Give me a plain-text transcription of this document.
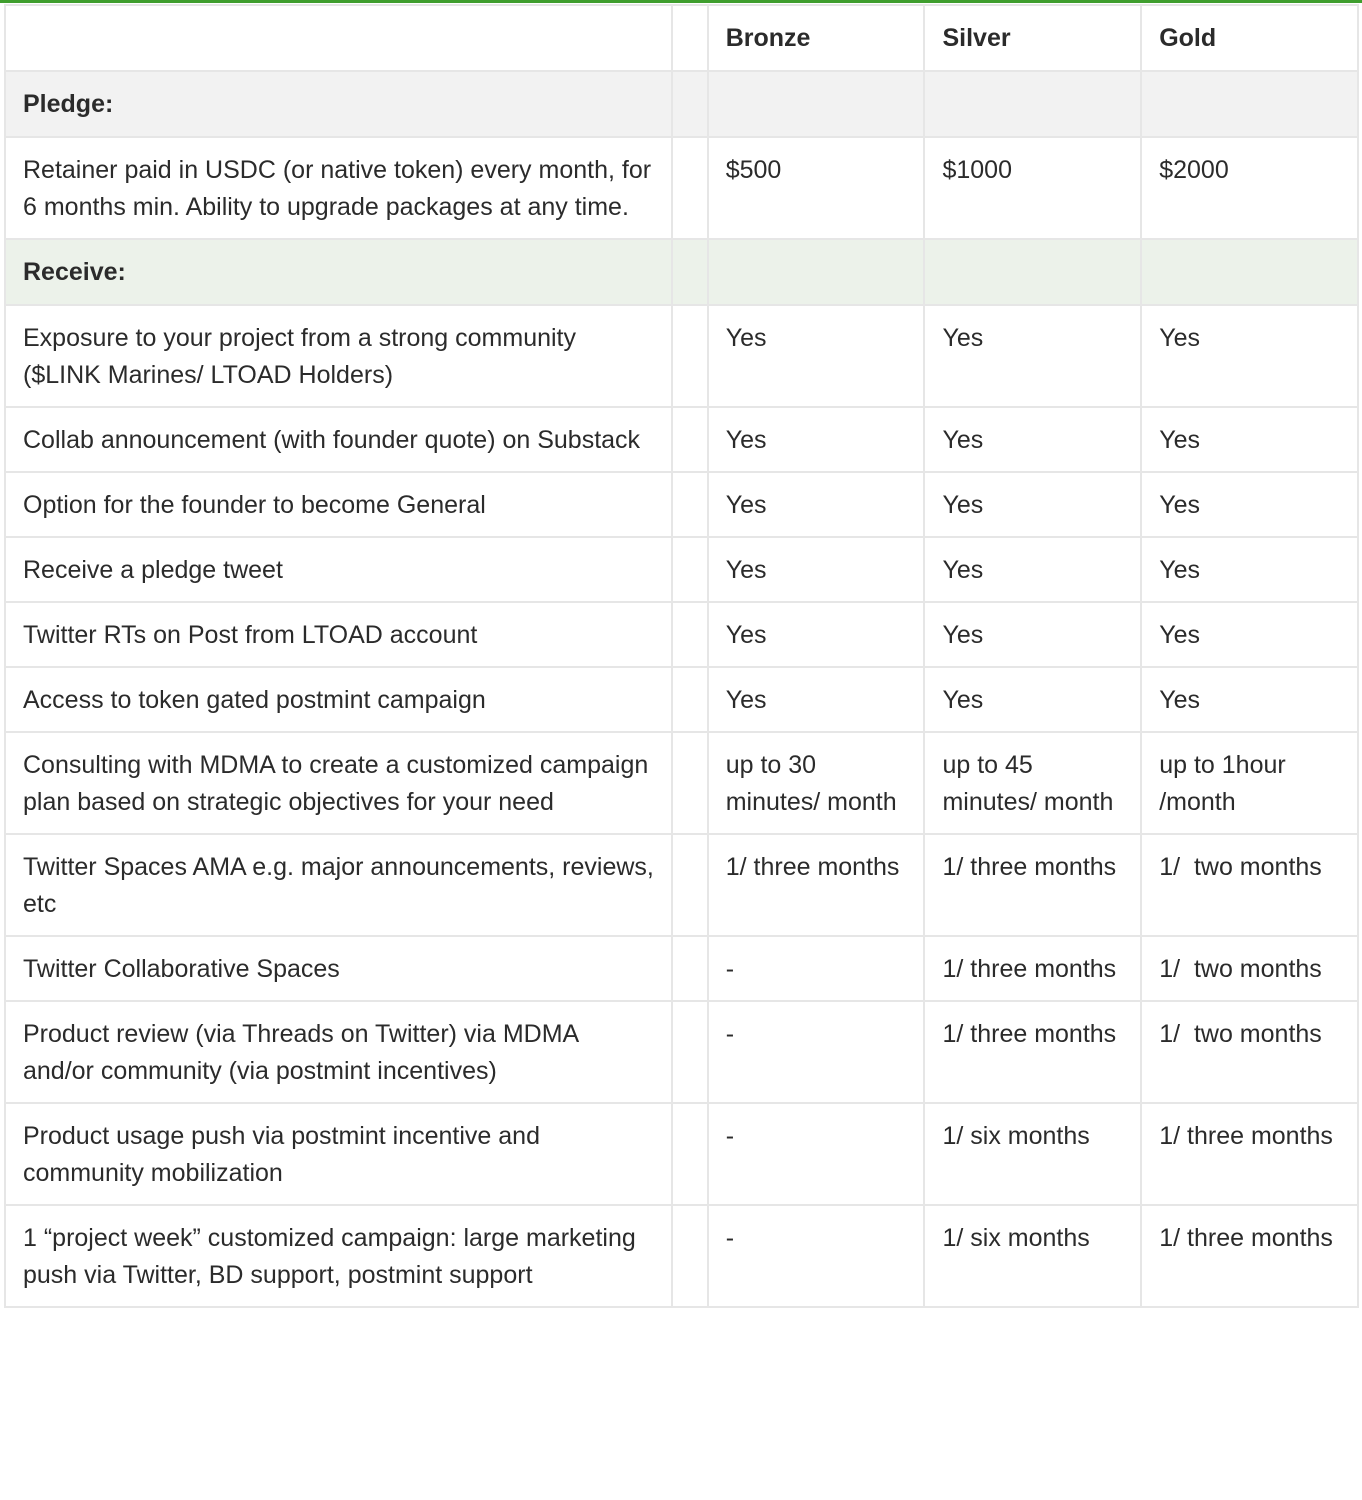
		Bronze	Silver	Gold
Pledge:				
Retainer paid in USDC (or native token) every month, for 6 months min. Ability to upgrade packages at any time.		$500	$1000	$2000
Receive:				
Exposure to your project from a strong community ($LINK Marines/ LTOAD Holders)		Yes	Yes	Yes
Collab announcement (with founder quote) on Substack		Yes	Yes	Yes
Option for the founder to become General		Yes	Yes	Yes
Receive a pledge tweet		Yes	Yes	Yes
Twitter RTs on Post from LTOAD account		Yes	Yes	Yes
Access to token gated postmint campaign		Yes	Yes	Yes
Consulting with MDMA to create a customized campaign plan based on strategic objectives for your need		up to 30 minutes/ month	up to 45 minutes/ month	up to 1hour /month
Twitter Spaces AMA e.g. major announcements, reviews, etc		1/ three months	1/ three months	1/  two months
Twitter Collaborative Spaces		-	1/ three months	1/  two months
Product review (via Threads on Twitter) via MDMA and/or community (via postmint incentives)		-	1/ three months	1/  two months
Product usage push via postmint incentive and community mobilization		-	1/ six months	1/ three months
1 “project week” customized campaign: large marketing push via Twitter, BD support, postmint support		-	1/ six months	1/ three months
